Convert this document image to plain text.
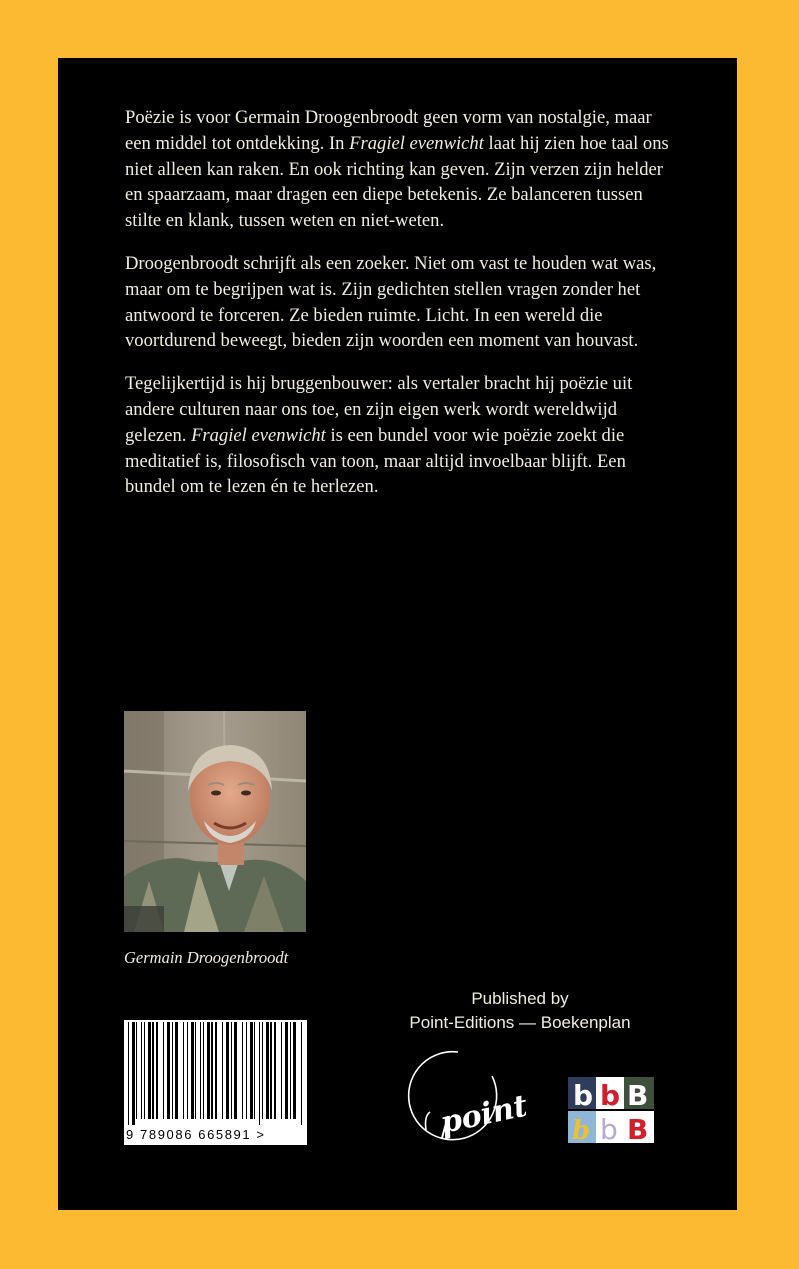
Poëzie is voor Germain Droogenbroodt geen vorm van nostalgie, maar een middel tot ontdekking. In Fragiel evenwicht laat hij zien hoe taal ons niet alleen kan raken. En ook richting kan geven. Zijn verzen zijn helder en spaarzaam, maar dragen een diepe betekenis. Ze balanceren tussen stilte en klank, tussen weten en niet-weten.

Droogenbroodt schrijft als een zoeker. Niet om vast te houden wat was, maar om te begrijpen wat is. Zijn gedichten stellen vragen zonder het antwoord te forceren. Ze bieden ruimte. Licht. In een wereld die voortdurend beweegt, bieden zijn woorden een moment van houvast.

Tegelijkertijd is hij bruggenbouwer: als vertaler bracht hij poëzie uit andere culturen naar ons toe, en zijn eigen werk wordt wereldwijd gelezen. Fragiel evenwicht is een bundel voor wie poëzie zoekt die meditatief is, filosofisch van toon, maar altijd invoelbaar blijft. Een bundel om te lezen én te herlezen.

Germain Droogenbroodt
Published by
Point-Editions — Boekenplan
9 789086 665891 >	point b b B
b b B
